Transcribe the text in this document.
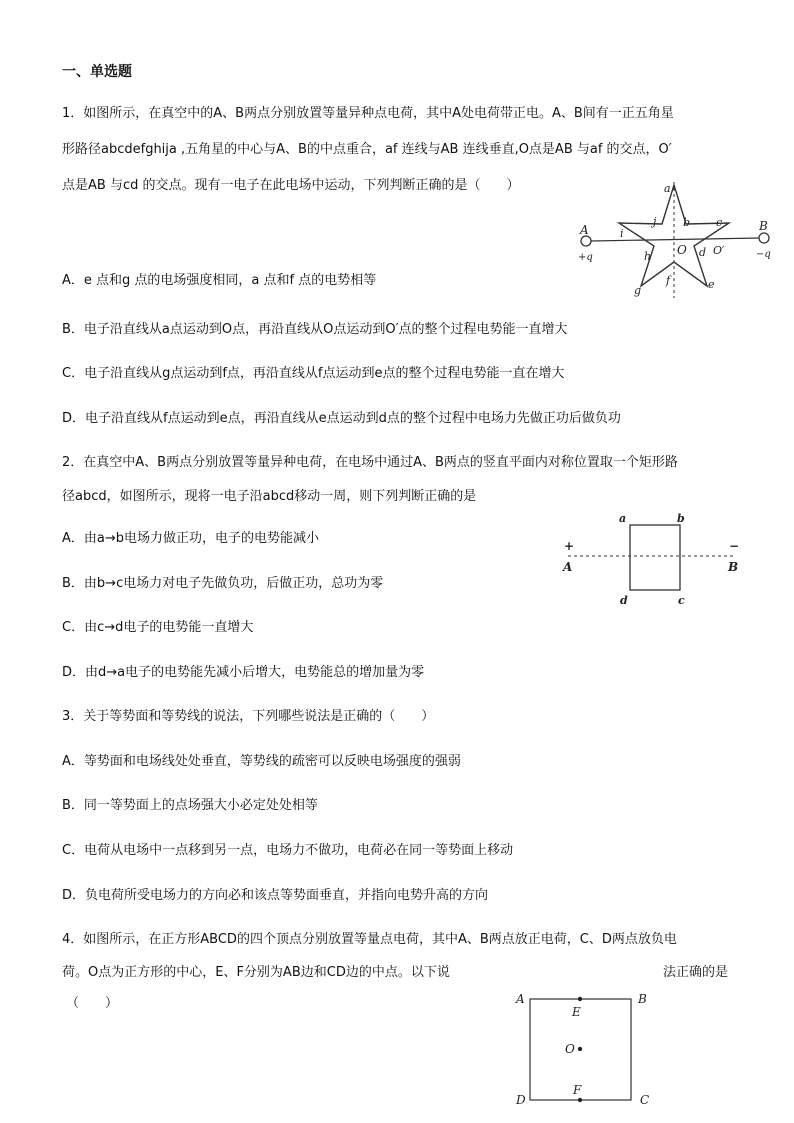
一、单选题
1．如图所示，在真空中的A、B两点分别放置等量异种点电荷，其中A处电荷带正电。A、B间有一正五角星
形路径abcdefghija ,五角星的中心与A、B的中点重合，af 连线与AB 连线垂直,O点是AB 与af 的交点，O′
点是AB 与cd 的交点。现有一电子在此电场中运动，下列判断正确的是（　　）
A
+q
B
−q
a
b c
d
e
f
g
h
i
j
O O′
A．e 点和g 点的电场强度相同，a 点和f 点的电势相等
B．电子沿直线从a点运动到O点，再沿直线从O点运动到O′点的整个过程电势能一直增大
C．电子沿直线从g点运动到f点，再沿直线从f点运动到e点的整个过程电势能一直在增大
D．电子沿直线从f点运动到e点，再沿直线从e点运动到d点的整个过程中电场力先做正功后做负功
2．在真空中A、B两点分别放置等量异种电荷，在电场中通过A、B两点的竖直平面内对称位置取一个矩形路
径abcd，如图所示，现将一电子沿abcd移动一周，则下列判断正确的是
+	−
A	B
a	b
c
d
A．由a→b电场力做正功，电子的电势能减小
B．由b→c电场力对电子先做负功，后做正功，总功为零
C．由c→d电子的电势能一直增大
D．由d→a电子的电势能先减小后增大，电势能总的增加量为零
3．关于等势面和等势线的说法，下列哪些说法是正确的（　　）
A．等势面和电场线处处垂直，等势线的疏密可以反映电场强度的强弱
B．同一等势面上的点场强大小必定处处相等
C．电荷从电场中一点移到另一点，电场力不做功，电荷必在同一等势面上移动
D．负电荷所受电场力的方向必和该点等势面垂直，并指向电势升高的方向
4．如图所示，在正方形ABCD的四个顶点分别放置等量点电荷，其中A、B两点放正电荷，C、D两点放负电
荷。O点为正方形的中心，E、F分别为AB边和CD边的中点。以下说	法正确的是
（　　）	A	B
C
D
E
O
F
